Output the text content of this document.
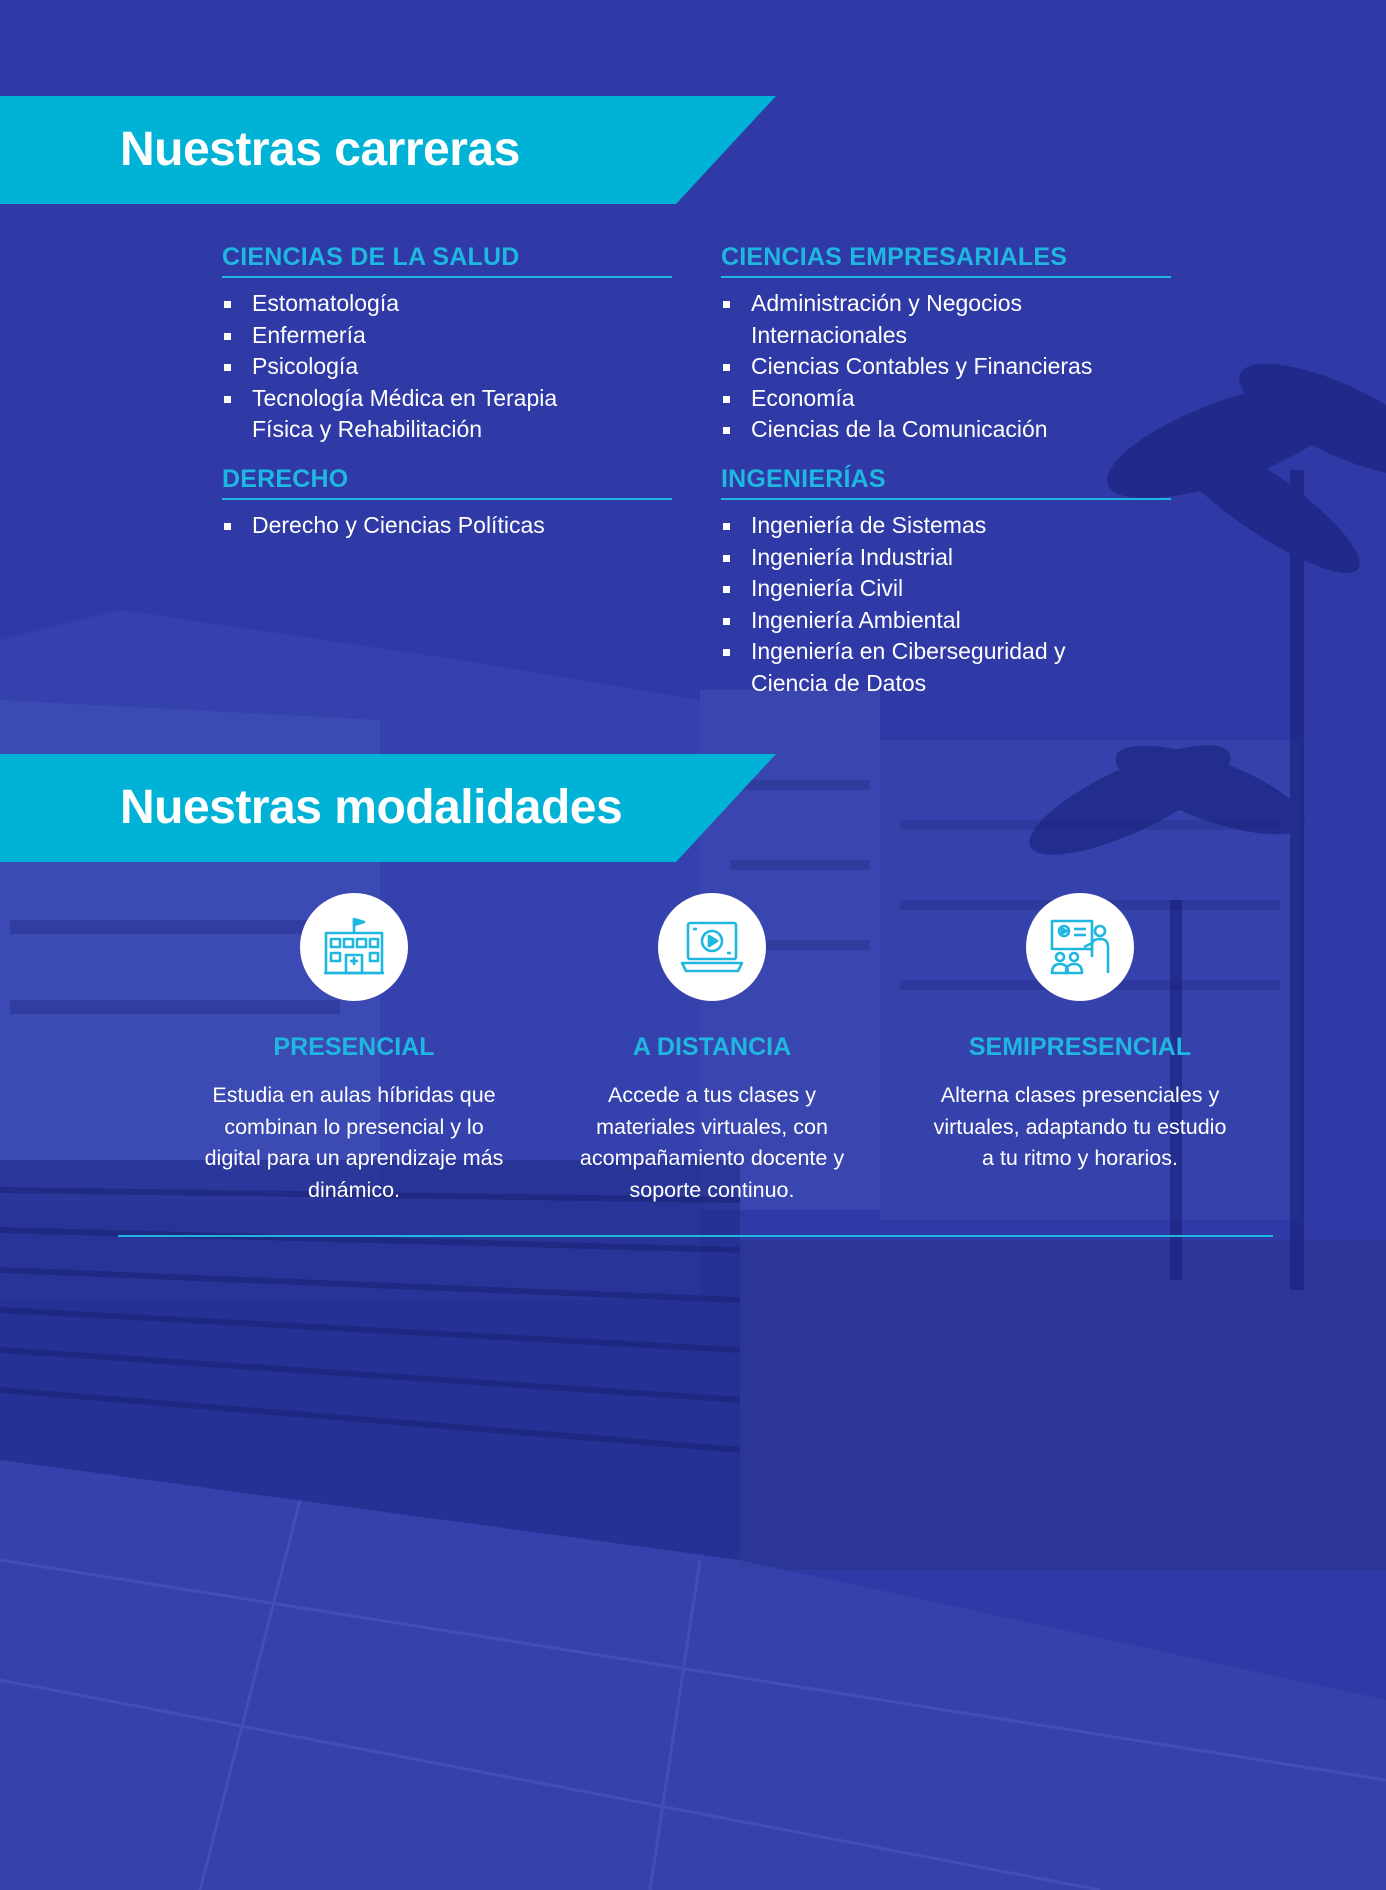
Nuestras carreras
CIENCIAS DE LA SALUD
Estomatología
Enfermería
Psicología
Tecnología Médica en Terapia Física y Rehabilitación
CIENCIAS EMPRESARIALES
Administración y Negocios Internacionales
Ciencias Contables y Financieras
Economía
Ciencias de la Comunicación
DERECHO
Derecho y Ciencias Políticas
INGENIERÍAS
Ingeniería de Sistemas
Ingeniería Industrial
Ingeniería Civil
Ingeniería Ambiental
Ingeniería en Ciberseguridad y Ciencia de Datos
Nuestras modalidades
PRESENCIAL
Estudia en aulas híbridas que combinan lo presencial y lo digital para un aprendizaje más dinámico.
A DISTANCIA
Accede a tus clases y materiales virtuales, con acompañamiento docente y soporte continuo.
SEMIPRESENCIAL
Alterna clases presenciales y virtuales, adaptando tu estudio a tu ritmo y horarios.
